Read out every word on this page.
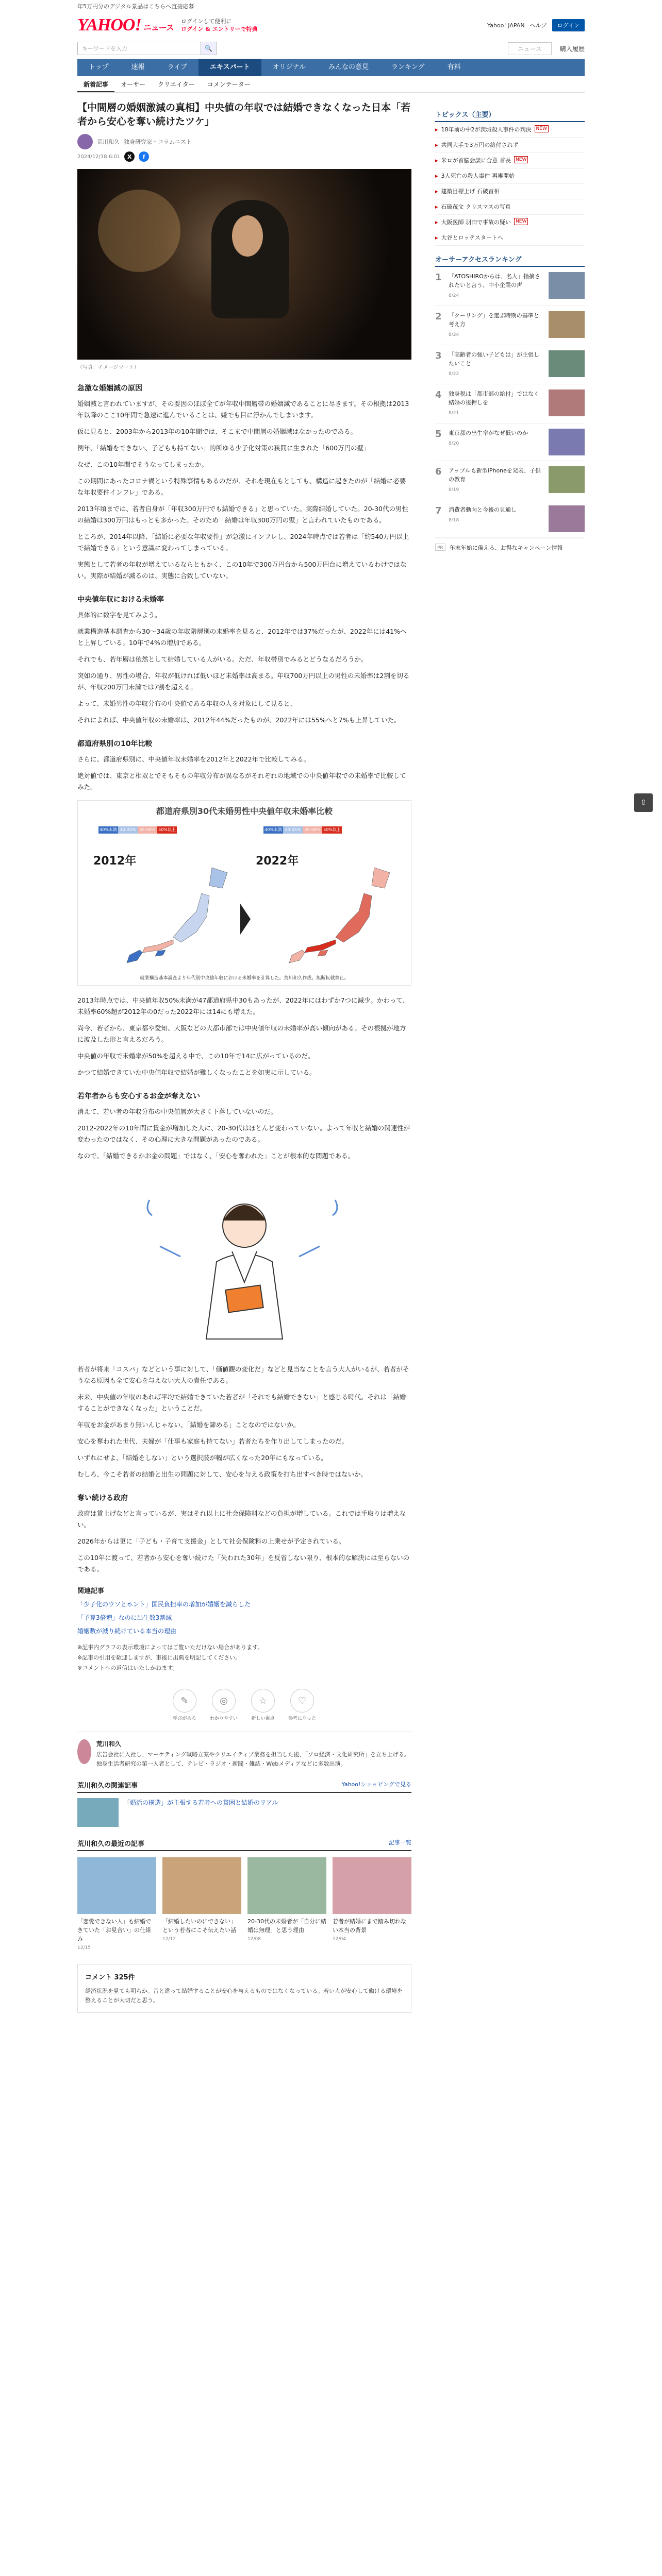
年5万円分のデジタル景品はこちらへ直接応募
YAHOO! ニュース
ログインして便利に
ログイン & エントリーで特典
Yahoo! JAPAN ヘルプ	ログイン
キーワードを入力	🔍	ニュース	購入履歴
トップ	速報	ライブ	エキスパート	オリジナル	みんなの意見	ランキング	有料
新着記事	オーサー	クリエイター	コメンテーター
【中間層の婚姻激減の真相】中央値の年収では結婚できなくなった日本「若者から安心を奪い続けたツケ」
荒川和久 独身研究家・コラムニスト
2024/12/18 6:01	X	f
（写真：イメージマート）
急激な婚姻減の原因

婚姻減と言われていますが、その要因のほぼ全てが年収中間層帯の婚姻減であることに尽きます。その根拠は2013年以降のここ10年間で急速に進んでいることは、嫌でも目に浮かんでしまいます。

仮に見ると、2003年から2013年の10年間では、そこまで中間層の婚姻減はなかったのである。

例年、「結婚をできない、子どもも持てない」的所ゆる少子化対策の狭間に生まれた「600万円の壁」

なぜ、この10年間でそうなってしまったか。

この期間にあったコロナ禍という特殊事情もあるのだが、それを現在もとしても、構造に起きたのが「結婚に必要な年収要件インフレ」である。

2013年頃までは、若者自身が「年収300万円でも結婚できる」と思っていた。実際結婚していた。20-30代の男性の結婚は300万円はもっとも多かった。そのため「結婚は年収300万円の壁」と言われていたものである。

ところが、2014年以降、「結婚に必要な年収要件」が急激にインフレし、2024年時点では若者は「約540万円以上で結婚できる」という意識に変わってしまっている。

実態として若者の年収が増えているならともかく、この10年で300万円台から500万円台に増えているわけではない。実際が結婚が減るのは、実態に合致していない。

中央値年収における未婚率

具体的に数字を見てみよう。

就業構造基本調査から30〜34歳の年収階層別の未婚率を見ると、2012年では37%だったが、2022年には41%へと上昇している。10年で4%の増加である。

それでも、若年層は依然として結婚している人がいる。ただ、年収帯別でみるとどうなるだろうか。

突如の通り、男性の場合、年収が低ければ低いほど未婚率は高まる。年収700万円以上の男性の未婚率は2割を切るが、年収200万円未満では7割を超える。

よって、未婚男性の年収分布の中央値である年収の人を対象にして見ると、

それによれば、中央値年収の未婚率は、2012年44%だったものが、2022年には55%へと7%も上昇していた。

都道府県別の10年比較

さらに、都道府県別に、中央値年収未婚率を2012年と2022年で比較してみる。

絶対値では、東京と相双とでそもそもの年収分布が異なるがそれぞれの地域での中央値年収での未婚率で比較してみた。

都道府県別30代未婚男性中央値年収未婚率比較
40%未満 40-45% 45-50% 50%以上	40%未満 40-45% 45-50% 50%以上
2012年	2022年
就業構造基本調査より年代別中央値年収における未婚率を計算した。荒川和久作成。無断転載禁止。

2013年時点では、中央値年収50%未満が47都道府県中30もあったが、2022年にはわずか7つに減少。かわって、未婚率60%超が2012年の0だった2022年には14にも増えた。

尚今、若者から、東京都や愛知、大阪などの大都市部では中央値年収の未婚率が高い傾向がある。その根拠が地方に波及した形と言えるだろう。

中央値の年収で未婚率が50%を超える中で、この10年で14に広がっているのだ。

かつて結婚できていた中央値年収で結婚が難しくなったことを如実に示している。

若年者からも安心するお金が奪えない

消えて、若い者の年収分布の中央値層が大きく下落していないのだ。

2012-2022年の10年間に賃金が増加した人に、20-30代はほとんど変わっていない。よって年収と結婚の関連性が変わったのではなく、その心理に大きな問題があったのである。

なので、「結婚できるかお金の問題」ではなく、「安心を奪われた」ことが根本的な問題である。

若者が将来「コスパ」などという事に対して、「価値観の変化だ」などと見当なことを言う大人がいるが、若者がそうなる原因も全て安心を与えない大人の責任である。

未来、中央値の年収のあれば平均で結婚できていた若者が「それでも結婚できない」と感じる時代。それは「結婚することができなくなった」ということだ。

年収をお金があまり無いんじゃない、「結婚を諦める」ことなのではないか。

安心を奪われた世代、夫婦が「仕事も家庭も持てない」若者たちを作り出してしまったのだ。

いずれにせよ、「結婚をしない」という選択肢が幅が広くなった20年にもなっている。

むしろ、今こそ若者の結婚と出生の問題に対して、安心を与える政策を打ち出すべき時ではないか。

奪い続ける政府

政府は賃上げなどと言っているが、実はそれ以上に社会保険料などの負担が増している。これでは手取りは増えない。

2026年からは更に「子ども・子育て支援金」として社会保険料の上乗せが予定されている。

この10年に渡って、若者から安心を奪い続けた「失われた30年」を反省しない限り、根本的な解決には至らないのである。

関連記事

「少子化のウソとホント」国民負担率の増加が婚姻を減らした

「予算3倍増」なのに出生数3割減

婚姻数が減り続けている本当の理由

※記事内グラフの表示環境によってはご覧いただけない場合があります。
※記事の引用を歓迎しますが、事後に出典を明記してください。
※コメントへの返信はいたしかねます。
✎
学びがある
◎
わかりやすい
☆
新しい視点
♡
参考になった
荒川和久
広告会社に入社し、マーケティング戦略立案やクリエイティブ業務を担当した後、「ソロ経済・文化研究所」を立ち上げる。独身生活者研究の第一人者として、テレビ・ラジオ・新聞・雑誌・Webメディアなどに多数出演。
荒川和久の関連記事	Yahoo!ショッピングで見る
「婚活の構造」が主張する若者への貧困と結婚のリアル
荒川和久の最近の記事	記事一覧
「恋愛できない人」も結婚できていた「お見合い」の仕組み
12/15
「結婚したいのにできない」という若者にこそ伝えたい話
12/12
20-30代の未婚者が「自分に結婚は無理」と思う理由
12/08
若者が結婚にまで踏み切れない本当の背景
12/04
コメント 325件
経済状況を見ても明らか。昔と違って結婚することが安心を与えるものではなくなっている。若い人が安心して働ける環境を整えることが大切だと思う。
トピックス（主要）
▸ 18年前の中2が茨城殺人事件の判決	NEW
▸ 共同大手で3万円の給付されず
▸ 米ロが首脳会談に合意 首長	NEW
▸ 3人死亡の殺人事件 再審開始
▸ 建築目標上げ 石破首相
▸ 石破茂文 クリスマスの写真
▸ 大阪医師 羽田で事故の疑い	NEW
▸ 大谷とロッテスタートへ
オーサーアクセスランキング
1	「ATOSHIROからは、名人」指摘されたいと言う、中小企業の声
8/24
2	「クーリング」を選ぶ時期の基準と考え方
8/24
3	「高齢者の強い子どもは」が主張したいこと
8/22
4	独身税は「都市部の給付」ではなく結婚の後押しを
8/21
5	東京都の出生率がなぜ低いのか
8/20
6	アップルも新型iPhoneを発表、子供の教育
8/19
7	消費者動向と今後の見通し
8/18
PR	年末年始に備える、お得なキャンペーン情報
⇧
